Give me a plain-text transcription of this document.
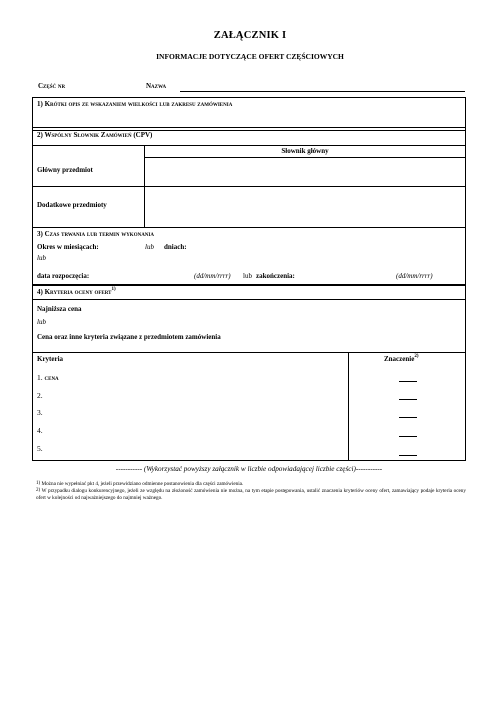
ZAŁĄCZNIK I
INFORMACJE DOTYCZĄCE OFERT CZĘŚCIOWYCH
Część nr	Nazwa
1) Krótki opis ze wskazaniem wielkości lub zakresu zamówienia
2) Wspólny Słownik Zamówień (CPV)
Słownik główny
Główny przedmiot
Dodatkowe przedmioty
3) Czas trwania lub termin wykonania
Okres w miesiącach:	lub dniach:
lub
data rozpoczęcia:	(dd/mm/rrrr) lub zakończenia:	(dd/mm/rrrr)
4) Kryteria oceny ofert$^{1)}$
Najniższa cena
lub
Cena oraz inne kryteria związane z przedmiotem zamówienia
Kryteria	Znaczenie$^{2)}$
1. cena
2.
3.
4.
5.
----------- (Wykorzystać powyższy załącznik w liczbie odpowiadającej liczbie części)-----------
$^{1)}$ Można nie wypełniać pkt 4, jeżeli przewidziano odmienne postanowienia dla części zamówienia.
$^{2)}$ W przypadku dialogu konkurencyjnego, jeżeli ze względu na złożoność zamówienia nie można, na tym etapie postępowania, ustalić znaczenia kryteriów oceny ofert, zamawiający podaje kryteria oceny ofert w kolejności od najważniejszego do najmniej ważnego.
